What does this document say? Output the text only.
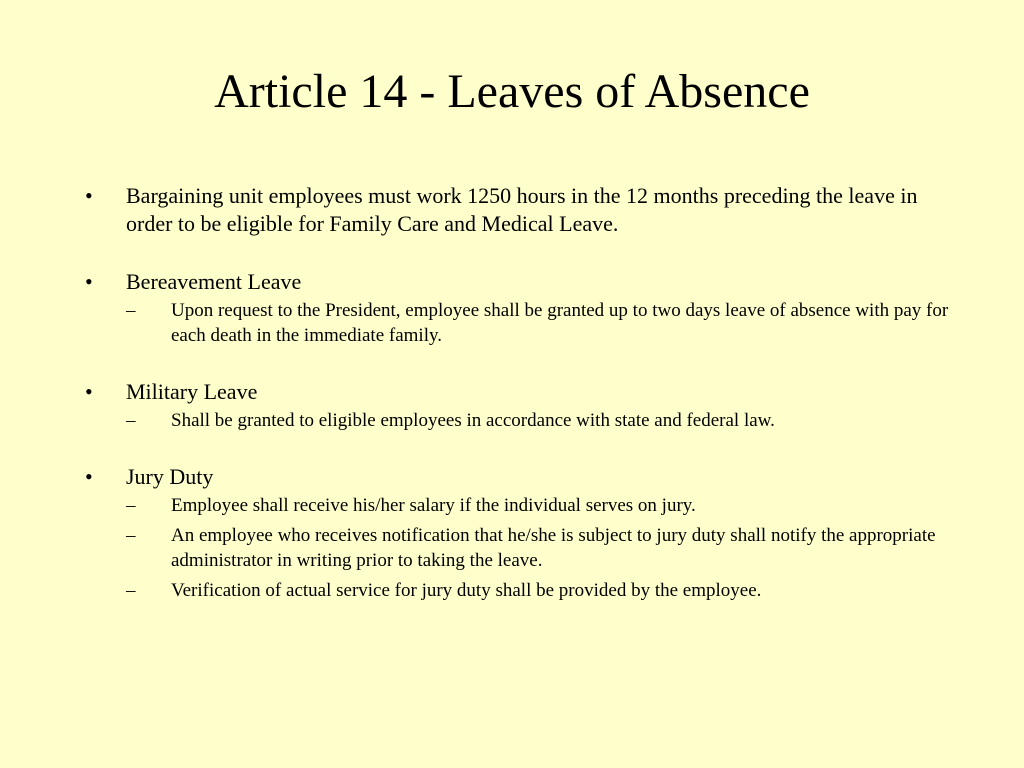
Article 14 - Leaves of Absence
•	Bargaining unit employees must work 1250 hours in the 12 months preceding the leave in order to be eligible for Family Care and Medical Leave.
•	Bereavement Leave
–	Upon request to the President, employee shall be granted up to two days leave of absence with pay for each death in the immediate family.
•	Military Leave
–	Shall be granted to eligible employees in accordance with state and federal law.
•	Jury Duty
–	Employee shall receive his/her salary if the individual serves on jury.
–	An employee who receives notification that he/she is subject to jury duty shall notify the appropriate administrator in writing prior to taking the leave.
–	Verification of actual service for jury duty shall be provided by the employee.
